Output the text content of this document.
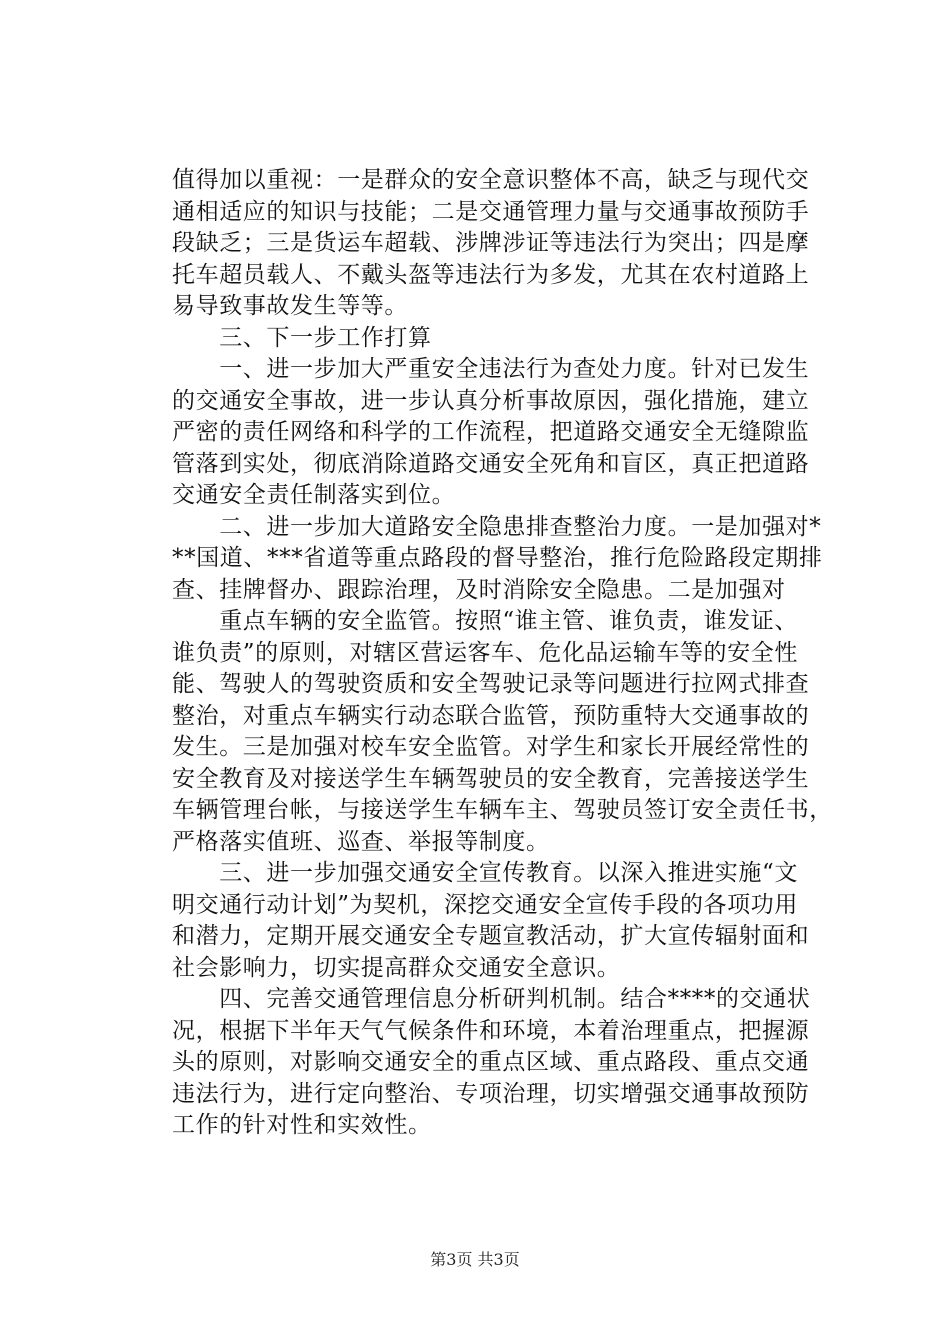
值得加以重视：一是群众的安全意识整体不高，缺乏与现代交
通相适应的知识与技能；二是交通管理力量与交通事故预防手
段缺乏；三是货运车超载、涉牌涉证等违法行为突出；四是摩
托车超员载人、不戴头盔等违法行为多发，尤其在农村道路上
易导致事故发生等等。
　　三、下一步工作打算
　　一、进一步加大严重安全违法行为查处力度。针对已发生
的交通安全事故，进一步认真分析事故原因，强化措施，建立
严密的责任网络和科学的工作流程，把道路交通安全无缝隙监
管落到实处，彻底消除道路交通安全死角和盲区，真正把道路
交通安全责任制落实到位。
　　二、进一步加大道路安全隐患排查整治力度。一是加强对*
**国道、***省道等重点路段的督导整治，推行危险路段定期排
查、挂牌督办、跟踪治理，及时消除安全隐患。二是加强对
　　重点车辆的安全监管。按照“谁主管、谁负责，谁发证、
谁负责”的原则，对辖区营运客车、危化品运输车等的安全性
能、驾驶人的驾驶资质和安全驾驶记录等问题进行拉网式排查
整治，对重点车辆实行动态联合监管，预防重特大交通事故的
发生。三是加强对校车安全监管。对学生和家长开展经常性的
安全教育及对接送学生车辆驾驶员的安全教育，完善接送学生
车辆管理台帐，与接送学生车辆车主、驾驶员签订安全责任书，
严格落实值班、巡查、举报等制度。
　　三、进一步加强交通安全宣传教育。以深入推进实施“文
明交通行动计划”为契机，深挖交通安全宣传手段的各项功用
和潜力，定期开展交通安全专题宣教活动，扩大宣传辐射面和
社会影响力，切实提高群众交通安全意识。
　　四、完善交通管理信息分析研判机制。结合****的交通状
况，根据下半年天气气候条件和环境，本着治理重点，把握源
头的原则，对影响交通安全的重点区域、重点路段、重点交通
违法行为，进行定向整治、专项治理，切实增强交通事故预防
工作的针对性和实效性。
第3页 共3页
